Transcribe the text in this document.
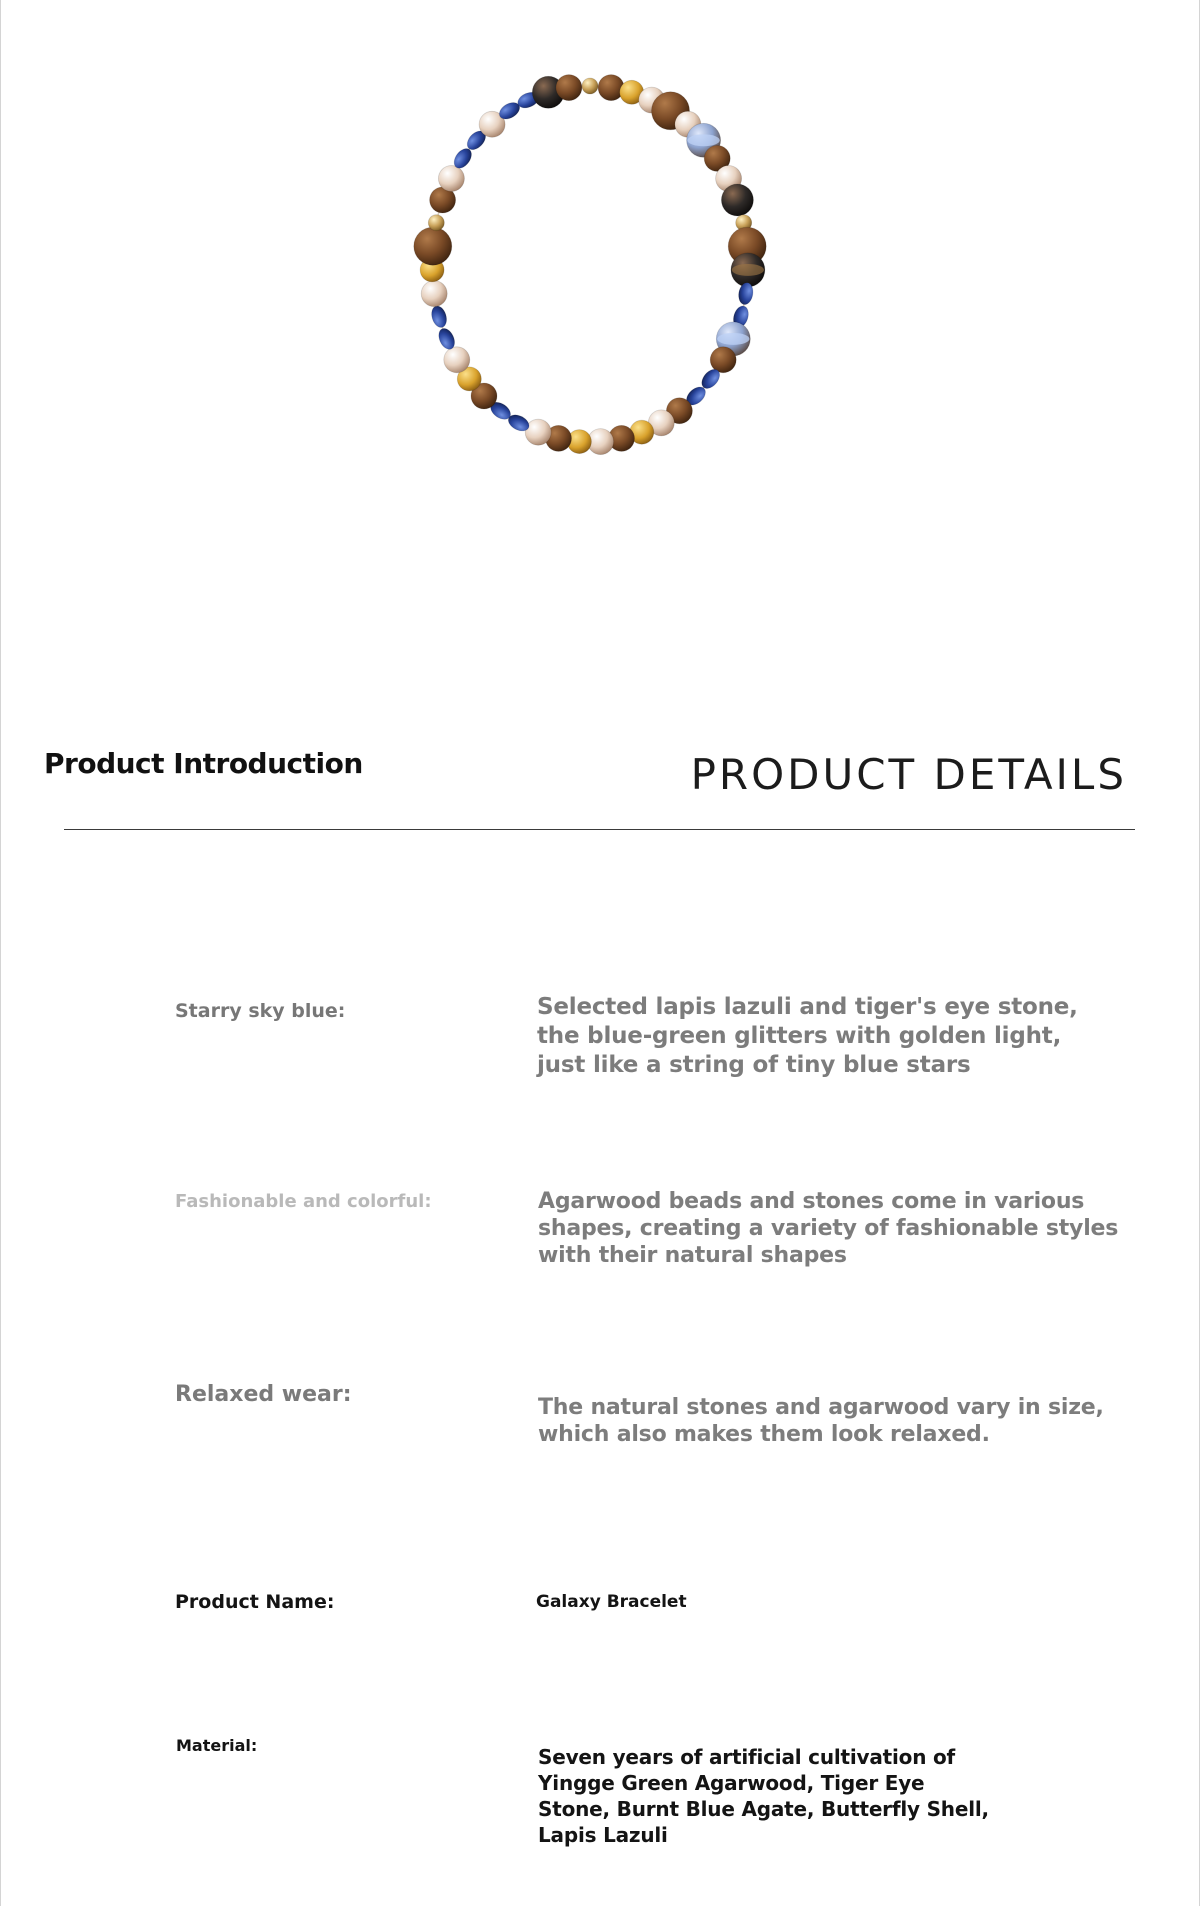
Product Introduction	PRODUCT DETAILS
Starry sky blue:	Selected lapis lazuli and tiger's eye stone,
the blue-green glitters with golden light,
just like a string of tiny blue stars
Fashionable and colorful:	Agarwood beads and stones come in various
shapes, creating a variety of fashionable styles
with their natural shapes
Relaxed wear:
The natural stones and agarwood vary in size,
which also makes them look relaxed.
Product Name:	Galaxy Bracelet
Material:	Seven years of artificial cultivation of
Yingge Green Agarwood, Tiger Eye
Stone, Burnt Blue Agate, Butterfly Shell,
Lapis Lazuli
